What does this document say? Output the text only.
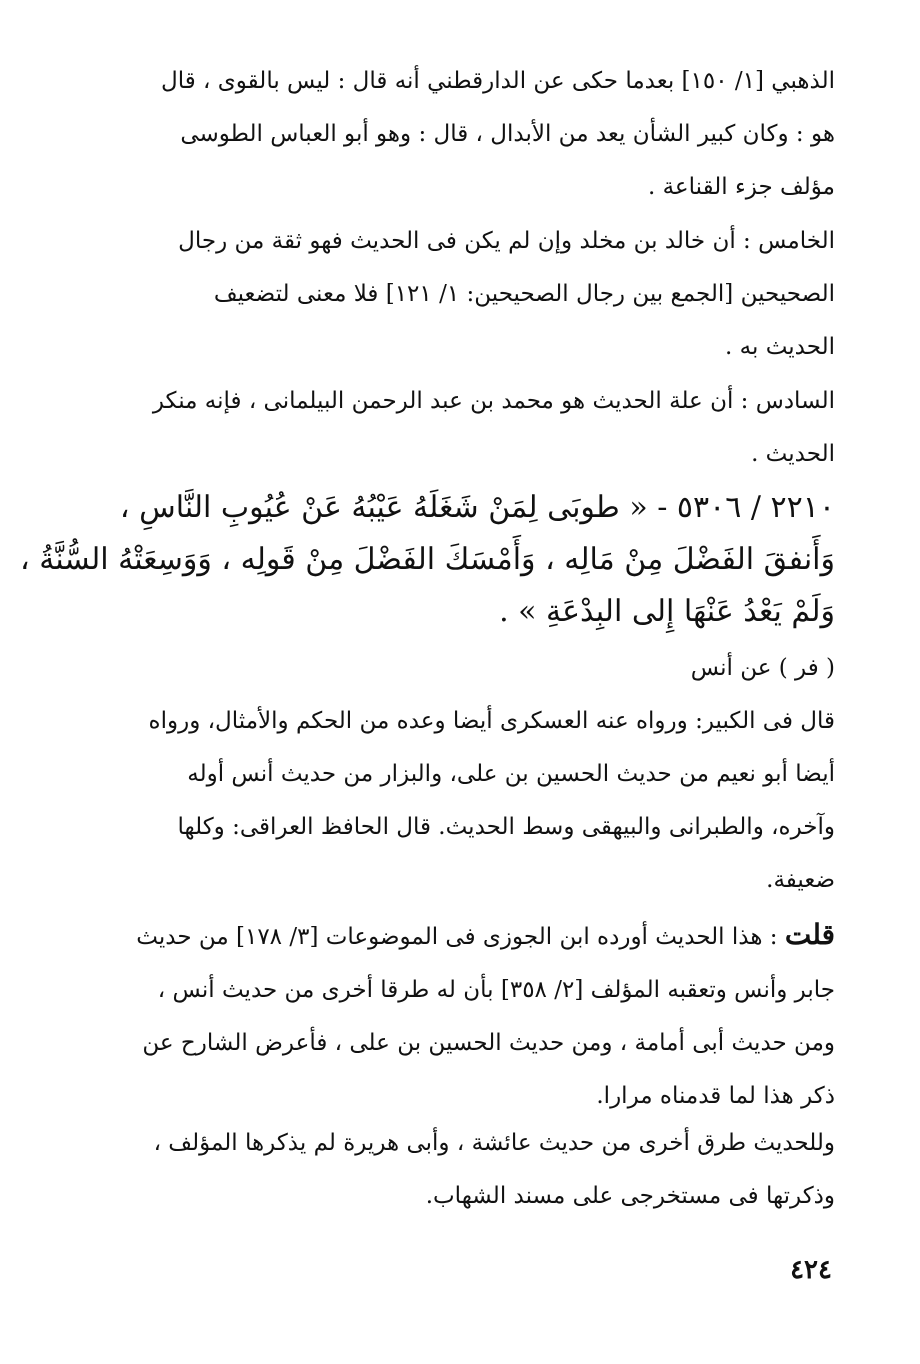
الذهبي [١/ ١٥٠] بعدما حكى عن الدارقطني أنه قال : ليس بالقوى ، قال
هو : وكان كبير الشأن يعد من الأبدال ، قال : وهو أبو العباس الطوسى
مؤلف جزء القناعة .

الخامس : أن خالد بن مخلد وإن لم يكن فى الحديث فهو ثقة من رجال
الصحيحين [الجمع بين رجال الصحيحين: ١/ ١٢١] فلا معنى لتضعيف
الحديث به .

السادس : أن علة الحديث هو محمد بن عبد الرحمن البيلمانى ، فإنه منكر
الحديث .

٢٢١٠ / ٥٣٠٦ - « طوبَى لِمَنْ شَغَلَهُ عَيْبُهُ عَنْ عُيُوبِ النَّاسِ ،
وَأَنفقَ الفَضْلَ مِنْ مَالِه ، وَأَمْسَكَ الفَضْلَ مِنْ قَولِه ، وَوَسِعَتْهُ السُّنَّةُ ،
وَلَمْ يَعْدُ عَنْهَا إِلى البِدْعَةِ » .

( فر ) عن أنس

قال فى الكبير: ورواه عنه العسكرى أيضا وعده من الحكم والأمثال، ورواه
أيضا أبو نعيم من حديث الحسين بن على، والبزار من حديث أنس أوله
وآخره، والطبرانى والبيهقى وسط الحديث. قال الحافظ العراقى: وكلها
ضعيفة.

قلت : هذا الحديث أورده ابن الجوزى فى الموضوعات [٣/ ١٧٨] من حديث
جابر وأنس وتعقبه المؤلف [٢/ ٣٥٨] بأن له طرقا أخرى من حديث أنس ،
ومن حديث أبى أمامة ، ومن حديث الحسين بن على ، فأعرض الشارح عن
ذكر هذا لما قدمناه مرارا.

وللحديث طرق أخرى من حديث عائشة ، وأبى هريرة لم يذكرها المؤلف ،
وذكرتها فى مستخرجى على مسند الشهاب.

٤٢٤
